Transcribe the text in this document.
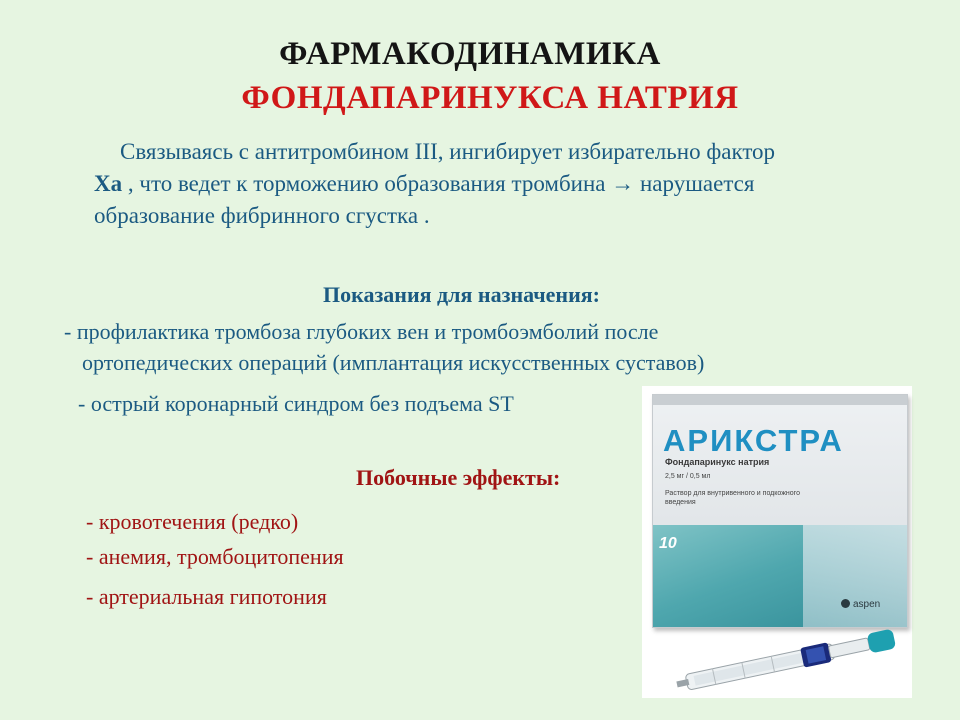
ФАРМАКОДИНАМИКА
ФОНДАПАРИНУКСА НАТРИЯ
Связываясь с антитромбином III, ингибирует избирательно фактор
Xa , что ведет к торможению образования тромбина → нарушается
образование фибринного сгустка .
Показания для назначения:
- профилактика тромбоза глубоких вен и тромбоэмболий после
ортопедических операций (имплантация искусственных суставов)
- острый коронарный синдром без подъема ST
Побочные эффекты:
- кровотечения (редко)
- анемия, тромбоцитопения
- артериальная гипотония
АРИКСТРА
Фондапаринукс натрия
2,5 мг / 0,5 мл
Раствор для внутривенного и подкожного введения
10

aspen
